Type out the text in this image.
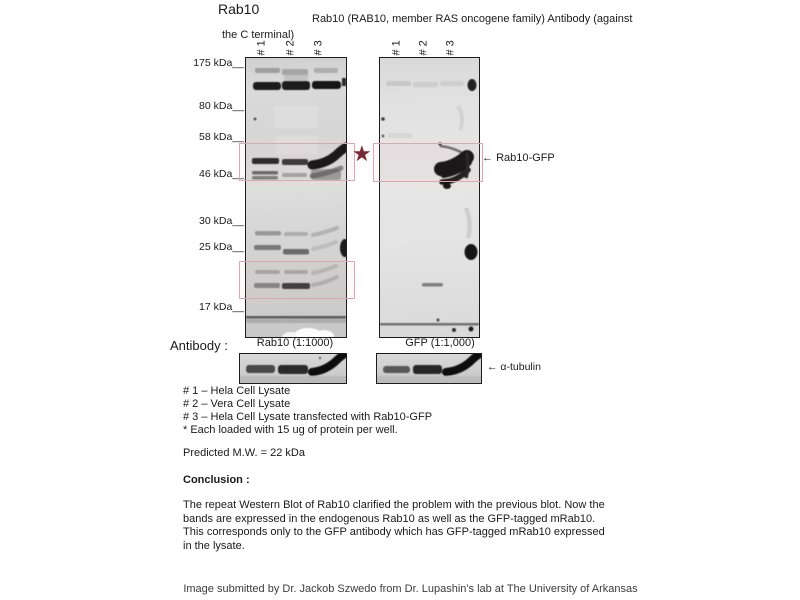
Rab10
Rab10 (RAB10, member RAS oncogene family) Antibody (against
the C terminal)
# 1 # 2 # 3	# 1 # 2 # 3
175 kDa__
80 kDa__
58 kDa__
46 kDa__
30 kDa__
25 kDa__
17 kDa__
★	← Rab10-GFP
Antibody :	Rab10 (1:1000)	GFP (1:1,000)
← α-tubulin
# 1 – Hela Cell Lysate
# 2 – Vera Cell Lysate
# 3 – Hela Cell Lysate transfected with Rab10-GFP
* Each loaded with 15 ug of protein per well.
Predicted M.W. = 22 kDa
Conclusion :
The repeat Western Blot of Rab10 clarified the problem with the previous blot. Now the
bands are expressed in the endogenous Rab10 as well as the GFP-tagged mRab10.
This corresponds only to the GFP antibody which has GFP-tagged mRab10 expressed
in the lysate.
Image submitted by Dr. Jackob Szwedo from Dr. Lupashin's lab at The University of Arkansas
